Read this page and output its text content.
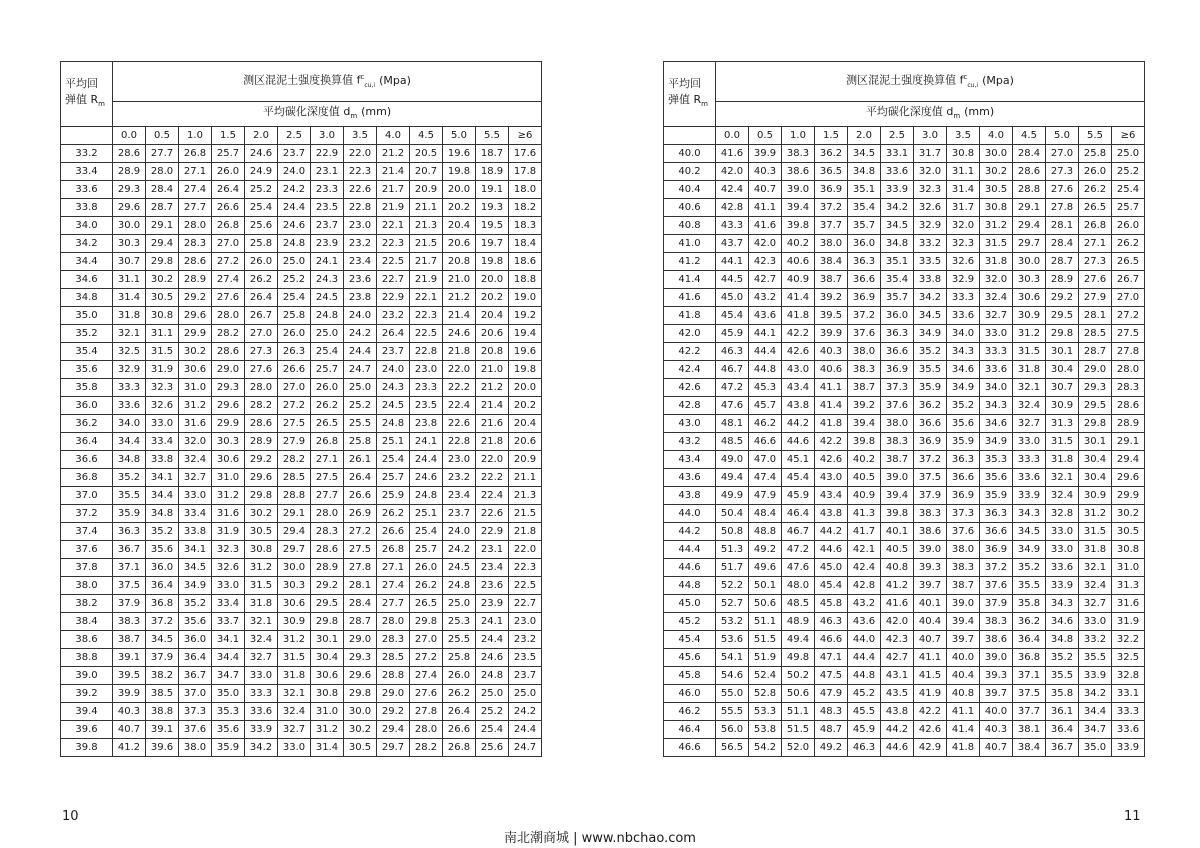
平均回
弹值 $R_m$	测区混泥土强度换算值 $f^c_{cu,i}$ (Mpa)												
	平均碳化深度值 $d_m$ (mm)												
	0.0	0.5	1.0	1.5	2.0	2.5	3.0	3.5	4.0	4.5	5.0	5.5	≥6
33.2	28.6	27.7	26.8	25.7	24.6	23.7	22.9	22.0	21.2	20.5	19.6	18.7	17.6
33.4	28.9	28.0	27.1	26.0	24.9	24.0	23.1	22.3	21.4	20.7	19.8	18.9	17.8
33.6	29.3	28.4	27.4	26.4	25.2	24.2	23.3	22.6	21.7	20.9	20.0	19.1	18.0
33.8	29.6	28.7	27.7	26.6	25.4	24.4	23.5	22.8	21.9	21.1	20.2	19.3	18.2
34.0	30.0	29.1	28.0	26.8	25.6	24.6	23.7	23.0	22.1	21.3	20.4	19.5	18.3
34.2	30.3	29.4	28.3	27.0	25.8	24.8	23.9	23.2	22.3	21.5	20.6	19.7	18.4
34.4	30.7	29.8	28.6	27.2	26.0	25.0	24.1	23.4	22.5	21.7	20.8	19.8	18.6
34.6	31.1	30.2	28.9	27.4	26.2	25.2	24.3	23.6	22.7	21.9	21.0	20.0	18.8
34.8	31.4	30.5	29.2	27.6	26.4	25.4	24.5	23.8	22.9	22.1	21.2	20.2	19.0
35.0	31.8	30.8	29.6	28.0	26.7	25.8	24.8	24.0	23.2	22.3	21.4	20.4	19.2
35.2	32.1	31.1	29.9	28.2	27.0	26.0	25.0	24.2	26.4	22.5	24.6	20.6	19.4
35.4	32.5	31.5	30.2	28.6	27.3	26.3	25.4	24.4	23.7	22.8	21.8	20.8	19.6
35.6	32.9	31.9	30.6	29.0	27.6	26.6	25.7	24.7	24.0	23.0	22.0	21.0	19.8
35.8	33.3	32.3	31.0	29.3	28.0	27.0	26.0	25.0	24.3	23.3	22.2	21.2	20.0
36.0	33.6	32.6	31.2	29.6	28.2	27.2	26.2	25.2	24.5	23.5	22.4	21.4	20.2
36.2	34.0	33.0	31.6	29.9	28.6	27.5	26.5	25.5	24.8	23.8	22.6	21.6	20.4
36.4	34.4	33.4	32.0	30.3	28.9	27.9	26.8	25.8	25.1	24.1	22.8	21.8	20.6
36.6	34.8	33.8	32.4	30.6	29.2	28.2	27.1	26.1	25.4	24.4	23.0	22.0	20.9
36.8	35.2	34.1	32.7	31.0	29.6	28.5	27.5	26.4	25.7	24.6	23.2	22.2	21.1
37.0	35.5	34.4	33.0	31.2	29.8	28.8	27.7	26.6	25.9	24.8	23.4	22.4	21.3
37.2	35.9	34.8	33.4	31.6	30.2	29.1	28.0	26.9	26.2	25.1	23.7	22.6	21.5
37.4	36.3	35.2	33.8	31.9	30.5	29.4	28.3	27.2	26.6	25.4	24.0	22.9	21.8
37.6	36.7	35.6	34.1	32.3	30.8	29.7	28.6	27.5	26.8	25.7	24.2	23.1	22.0
37.8	37.1	36.0	34.5	32.6	31.2	30.0	28.9	27.8	27.1	26.0	24.5	23.4	22.3
38.0	37.5	36.4	34.9	33.0	31.5	30.3	29.2	28.1	27.4	26.2	24.8	23.6	22.5
38.2	37.9	36.8	35.2	33.4	31.8	30.6	29.5	28.4	27.7	26.5	25.0	23.9	22.7
38.4	38.3	37.2	35.6	33.7	32.1	30.9	29.8	28.7	28.0	29.8	25.3	24.1	23.0
38.6	38.7	34.5	36.0	34.1	32.4	31.2	30.1	29.0	28.3	27.0	25.5	24.4	23.2
38.8	39.1	37.9	36.4	34.4	32.7	31.5	30.4	29.3	28.5	27.2	25.8	24.6	23.5
39.0	39.5	38.2	36.7	34.7	33.0	31.8	30.6	29.6	28.8	27.4	26.0	24.8	23.7
39.2	39.9	38.5	37.0	35.0	33.3	32.1	30.8	29.8	29.0	27.6	26.2	25.0	25.0
39.4	40.3	38.8	37.3	35.3	33.6	32.4	31.0	30.0	29.2	27.8	26.4	25.2	24.2
39.6	40.7	39.1	37.6	35.6	33.9	32.7	31.2	30.2	29.4	28.0	26.6	25.4	24.4
39.8	41.2	39.6	38.0	35.9	34.2	33.0	31.4	30.5	29.7	28.2	26.8	25.6	24.7
平均回
弹值 $R_m$	测区混泥土强度换算值 $f^c_{cu,i}$ (Mpa)												
	平均碳化深度值 $d_m$ (mm)												
	0.0	0.5	1.0	1.5	2.0	2.5	3.0	3.5	4.0	4.5	5.0	5.5	≥6
40.0	41.6	39.9	38.3	36.2	34.5	33.1	31.7	30.8	30.0	28.4	27.0	25.8	25.0
40.2	42.0	40.3	38.6	36.5	34.8	33.6	32.0	31.1	30.2	28.6	27.3	26.0	25.2
40.4	42.4	40.7	39.0	36.9	35.1	33.9	32.3	31.4	30.5	28.8	27.6	26.2	25.4
40.6	42.8	41.1	39.4	37.2	35.4	34.2	32.6	31.7	30.8	29.1	27.8	26.5	25.7
40.8	43.3	41.6	39.8	37.7	35.7	34.5	32.9	32.0	31.2	29.4	28.1	26.8	26.0
41.0	43.7	42.0	40.2	38.0	36.0	34.8	33.2	32.3	31.5	29.7	28.4	27.1	26.2
41.2	44.1	42.3	40.6	38.4	36.3	35.1	33.5	32.6	31.8	30.0	28.7	27.3	26.5
41.4	44.5	42.7	40.9	38.7	36.6	35.4	33.8	32.9	32.0	30.3	28.9	27.6	26.7
41.6	45.0	43.2	41.4	39.2	36.9	35.7	34.2	33.3	32.4	30.6	29.2	27.9	27.0
41.8	45.4	43.6	41.8	39.5	37.2	36.0	34.5	33.6	32.7	30.9	29.5	28.1	27.2
42.0	45.9	44.1	42.2	39.9	37.6	36.3	34.9	34.0	33.0	31.2	29.8	28.5	27.5
42.2	46.3	44.4	42.6	40.3	38.0	36.6	35.2	34.3	33.3	31.5	30.1	28.7	27.8
42.4	46.7	44.8	43.0	40.6	38.3	36.9	35.5	34.6	33.6	31.8	30.4	29.0	28.0
42.6	47.2	45.3	43.4	41.1	38.7	37.3	35.9	34.9	34.0	32.1	30.7	29.3	28.3
42.8	47.6	45.7	43.8	41.4	39.2	37.6	36.2	35.2	34.3	32.4	30.9	29.5	28.6
43.0	48.1	46.2	44.2	41.8	39.4	38.0	36.6	35.6	34.6	32.7	31.3	29.8	28.9
43.2	48.5	46.6	44.6	42.2	39.8	38.3	36.9	35.9	34.9	33.0	31.5	30.1	29.1
43.4	49.0	47.0	45.1	42.6	40.2	38.7	37.2	36.3	35.3	33.3	31.8	30.4	29.4
43.6	49.4	47.4	45.4	43.0	40.5	39.0	37.5	36.6	35.6	33.6	32.1	30.4	29.6
43.8	49.9	47.9	45.9	43.4	40.9	39.4	37.9	36.9	35.9	33.9	32.4	30.9	29.9
44.0	50.4	48.4	46.4	43.8	41.3	39.8	38.3	37.3	36.3	34.3	32.8	31.2	30.2
44.2	50.8	48.8	46.7	44.2	41.7	40.1	38.6	37.6	36.6	34.5	33.0	31.5	30.5
44.4	51.3	49.2	47.2	44.6	42.1	40.5	39.0	38.0	36.9	34.9	33.0	31.8	30.8
44.6	51.7	49.6	47.6	45.0	42.4	40.8	39.3	38.3	37.2	35.2	33.6	32.1	31.0
44.8	52.2	50.1	48.0	45.4	42.8	41.2	39.7	38.7	37.6	35.5	33.9	32.4	31.3
45.0	52.7	50.6	48.5	45.8	43.2	41.6	40.1	39.0	37.9	35.8	34.3	32.7	31.6
45.2	53.2	51.1	48.9	46.3	43.6	42.0	40.4	39.4	38.3	36.2	34.6	33.0	31.9
45.4	53.6	51.5	49.4	46.6	44.0	42.3	40.7	39.7	38.6	36.4	34.8	33.2	32.2
45.6	54.1	51.9	49.8	47.1	44.4	42.7	41.1	40.0	39.0	36.8	35.2	35.5	32.5
45.8	54.6	52.4	50.2	47.5	44.8	43.1	41.5	40.4	39.3	37.1	35.5	33.9	32.8
46.0	55.0	52.8	50.6	47.9	45.2	43.5	41.9	40.8	39.7	37.5	35.8	34.2	33.1
46.2	55.5	53.3	51.1	48.3	45.5	43.8	42.2	41.1	40.0	37.7	36.1	34.4	33.3
46.4	56.0	53.8	51.5	48.7	45.9	44.2	42.6	41.4	40.3	38.1	36.4	34.7	33.6
46.6	56.5	54.2	52.0	49.2	46.3	44.6	42.9	41.8	40.7	38.4	36.7	35.0	33.9
10	11
南北潮商城 | www.nbchao.com
